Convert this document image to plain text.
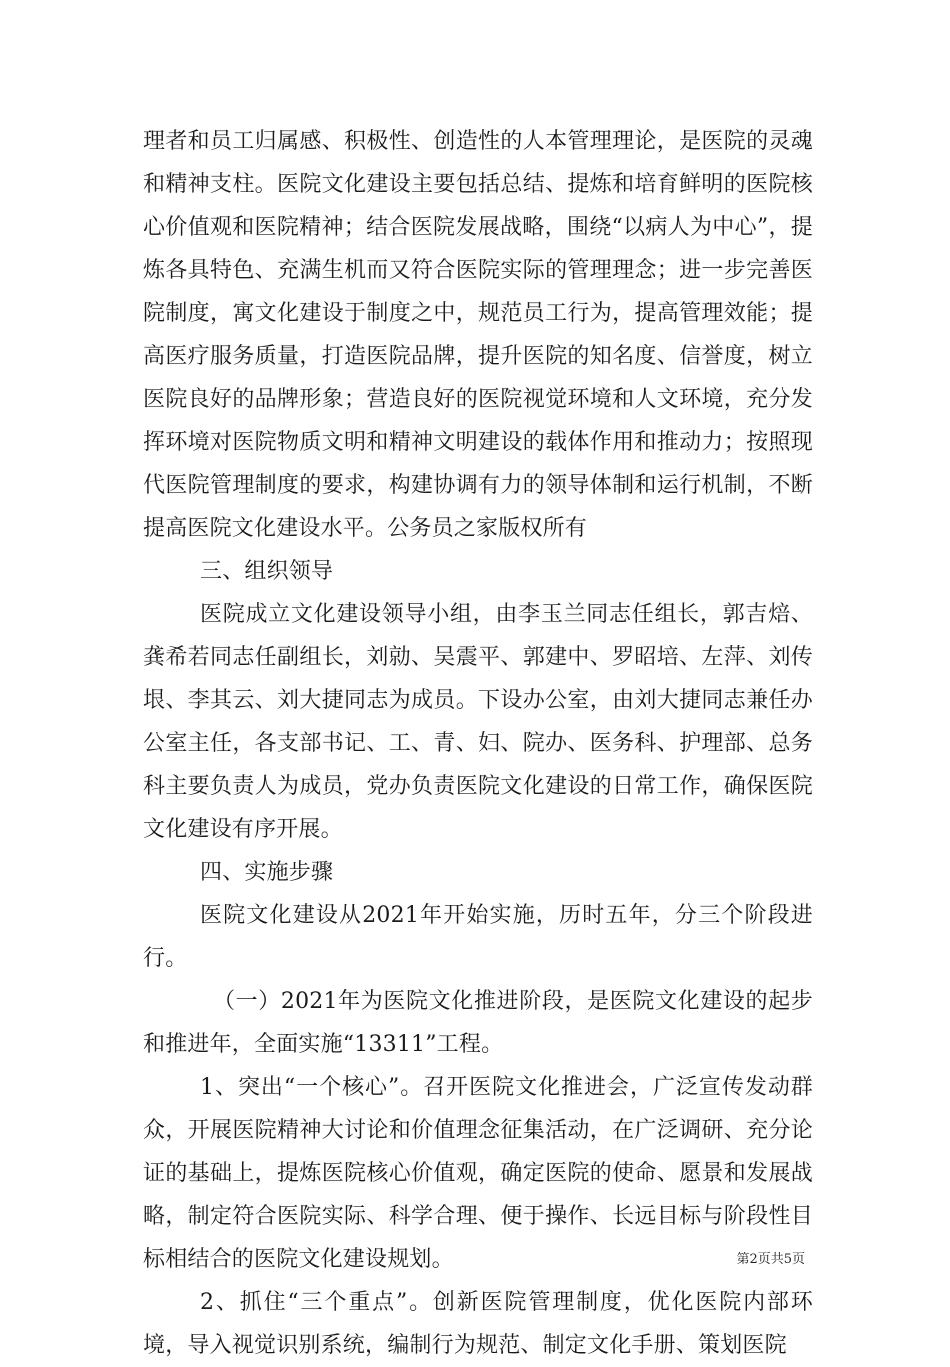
理者和员工归属感、积极性、创造性的人本管理理论，是医院的灵魂和精神支柱。医院文化建设主要包括总结、提炼和培育鲜明的医院核心价值观和医院精神；结合医院发展战略，围绕“以病人为中心”，提炼各具特色、充满生机而又符合医院实际的管理理念；进一步完善医院制度，寓文化建设于制度之中，规范员工行为，提高管理效能；提高医疗服务质量，打造医院品牌，提升医院的知名度、信誉度，树立医院良好的品牌形象；营造良好的医院视觉环境和人文环境，充分发挥环境对医院物质文明和精神文明建设的载体作用和推动力；按照现代医院管理制度的要求，构建协调有力的领导体制和运行机制，不断提高医院文化建设水平。公务员之家版权所有

三、组织领导

医院成立文化建设领导小组，由李玉兰同志任组长，郭吉焙、龚希若同志任副组长，刘勍、吴震平、郭建中、罗昭培、左萍、刘传垠、李其云、刘大捷同志为成员。下设办公室，由刘大捷同志兼任办公室主任，各支部书记、工、青、妇、院办、医务科、护理部、总务科主要负责人为成员，党办负责医院文化建设的日常工作，确保医院文化建设有序开展。

四、实施步骤

医院文化建设从2021年开始实施，历时五年，分三个阶段进行。

（一）2021年为医院文化推进阶段，是医院文化建设的起步和推进年，全面实施“13311”工程。

1、突出“一个核心”。召开医院文化推进会，广泛宣传发动群众，开展医院精神大讨论和价值理念征集活动，在广泛调研、充分论证的基础上，提炼医院核心价值观，确定医院的使命、愿景和发展战略，制定符合医院实际、科学合理、便于操作、长远目标与阶段性目标相结合的医院文化建设规划。

2、抓住“三个重点”。创新医院管理制度，优化医院内部环境，导入视觉识别系统，编制行为规范、制定文化手册、策划医院

第2页共5页
